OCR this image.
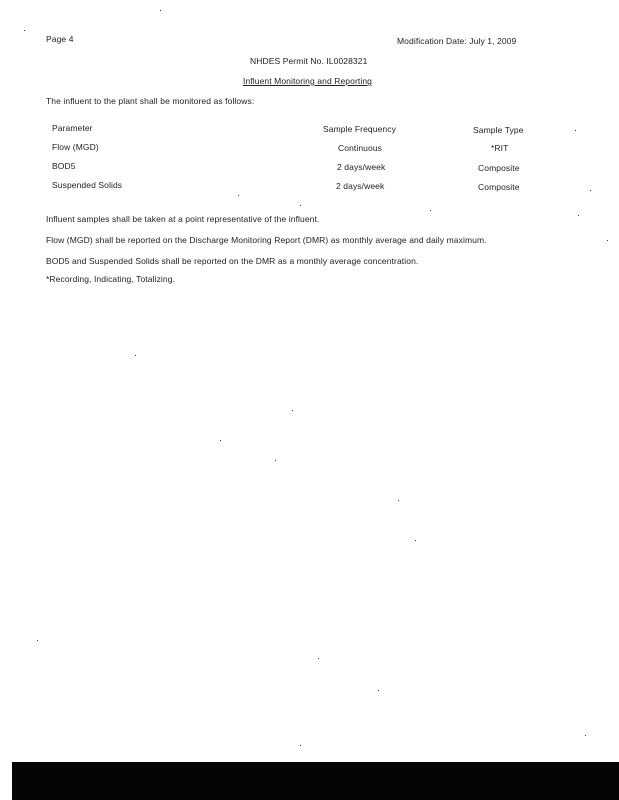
Page 4	Modification Date: July 1, 2009
NHDES Permit No. IL0028321
Influent Monitoring and Reporting
The influent to the plant shall be monitored as follows:
Parameter	Sample Frequency	Sample Type
Flow (MGD)	Continuous	*RIT
BOD5	2 days/week	Composite
Suspended Solids	2 days/week	Composite
Influent samples shall be taken at a point representative of the influent.
Flow (MGD) shall be reported on the Discharge Monitoring Report (DMR) as monthly average and daily maximum.
BOD5 and Suspended Solids shall be reported on the DMR as a monthly average concentration.
*Recording, Indicating, Totalizing.
